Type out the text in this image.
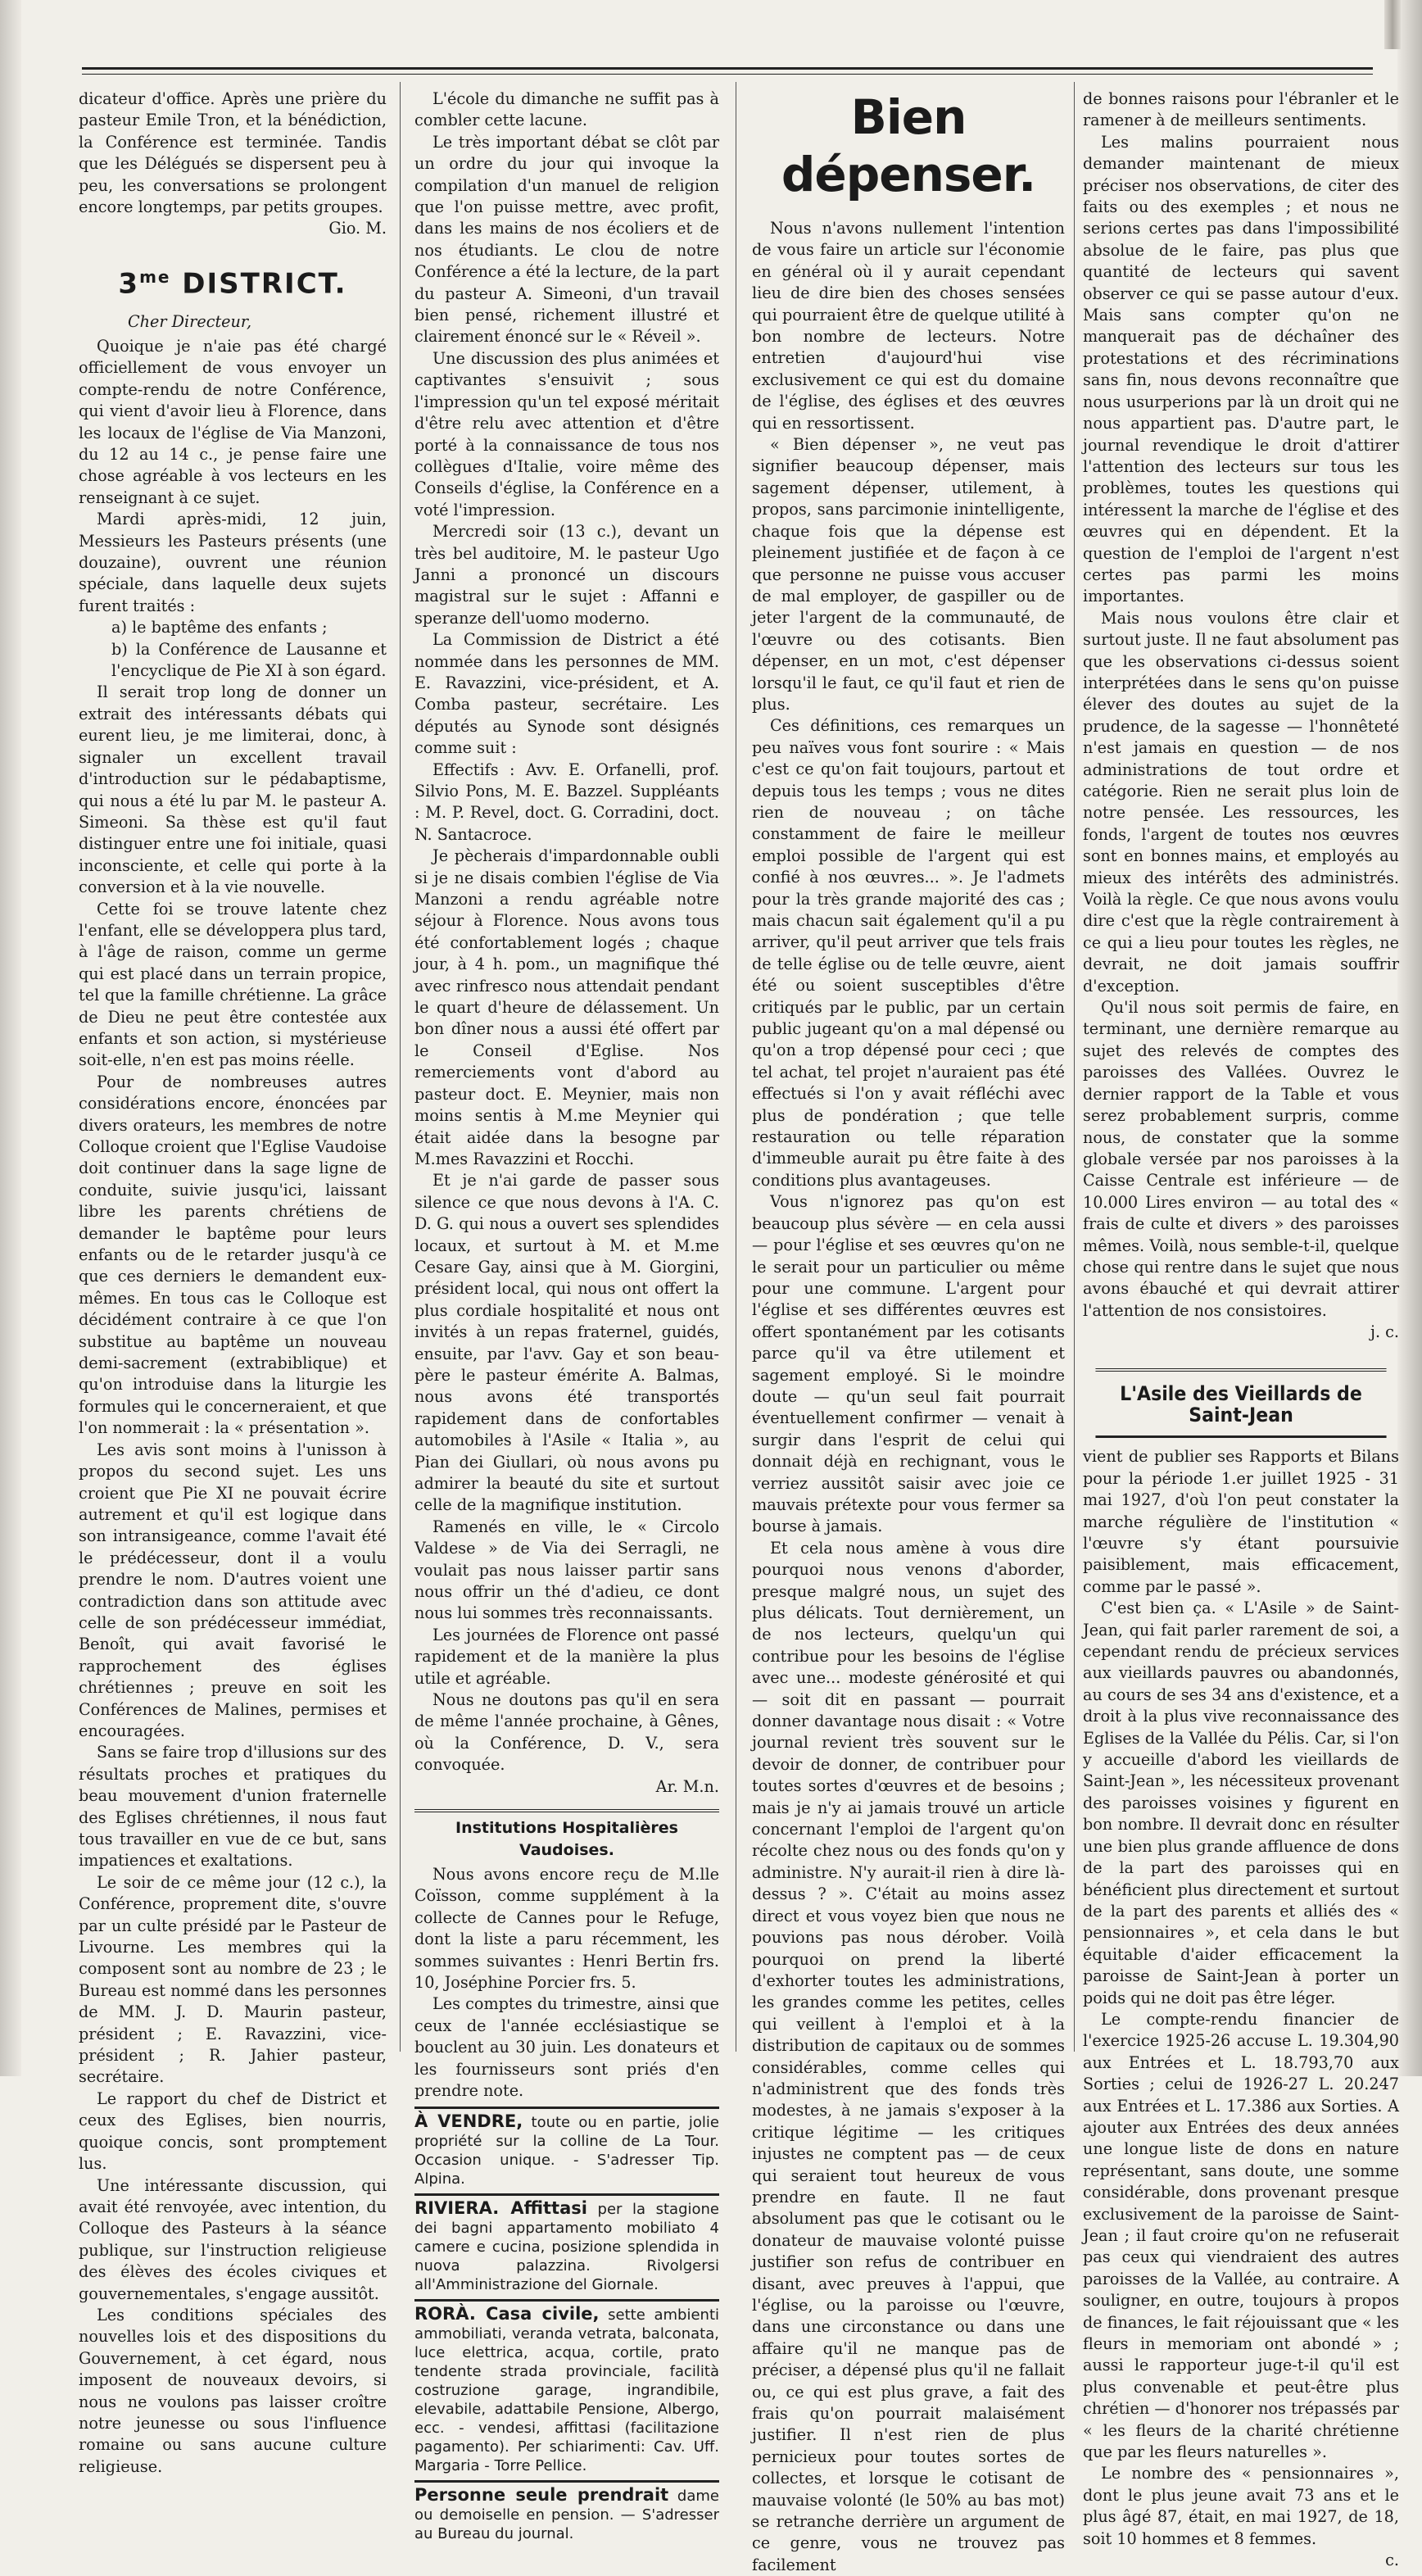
dicateur d'office. Après une prière du pasteur Emile Tron, et la bénédiction, la Conférence est terminée. Tandis que les Délégués se dispersent peu à peu, les conversations se prolongent encore longtemps, par petits groupes.

Gio. M.

$3^{me}$ DISTRICT.

Cher Directeur,

Quoique je n'aie pas été chargé officiellement de vous envoyer un compte-rendu de notre Conférence, qui vient d'avoir lieu à Florence, dans les locaux de l'église de Via Manzoni, du 12 au 14 c., je pense faire une chose agréable à vos lecteurs en les renseignant à ce sujet.

Mardi après-midi, 12 juin, Messieurs les Pasteurs présents (une douzaine), ouvrent une réunion spéciale, dans laquelle deux sujets furent traités :

a) le baptême des enfants ;

b) la Conférence de Lausanne et l'encyclique de Pie XI à son égard.

Il serait trop long de donner un extrait des intéressants débats qui eurent lieu, je me limiterai, donc, à signaler un excellent travail d'introduction sur le pédabaptisme, qui nous a été lu par M. le pasteur A. Simeoni. Sa thèse est qu'il faut distinguer entre une foi initiale, quasi inconsciente, et celle qui porte à la conversion et à la vie nouvelle.

Cette foi se trouve latente chez l'enfant, elle se développera plus tard, à l'âge de raison, comme un germe qui est placé dans un terrain propice, tel que la famille chrétienne. La grâce de Dieu ne peut être contestée aux enfants et son action, si mystérieuse soit-elle, n'en est pas moins réelle.

Pour de nombreuses autres considérations encore, énoncées par divers orateurs, les membres de notre Colloque croient que l'Eglise Vaudoise doit continuer dans la sage ligne de conduite, suivie jusqu'ici, laissant libre les parents chrétiens de demander le baptême pour leurs enfants ou de le retarder jusqu'à ce que ces derniers le demandent eux-mêmes. En tous cas le Colloque est décidément contraire à ce que l'on substitue au baptême un nouveau demi-sacrement (extrabiblique) et qu'on introduise dans la liturgie les formules qui le concerneraient, et que l'on nommerait : la « présentation ».

Les avis sont moins à l'unisson à propos du second sujet. Les uns croient que Pie XI ne pouvait écrire autrement et qu'il est logique dans son intransigeance, comme l'avait été le prédécesseur, dont il a voulu prendre le nom. D'autres voient une contradiction dans son attitude avec celle de son prédécesseur immédiat, Benoît, qui avait favorisé le rapprochement des églises chrétiennes ; preuve en soit les Conférences de Malines, permises et encouragées.

Sans se faire trop d'illusions sur des résultats proches et pratiques du beau mouvement d'union fraternelle des Eglises chrétiennes, il nous faut tous travailler en vue de ce but, sans impatiences et exaltations.

Le soir de ce même jour (12 c.), la Conférence, proprement dite, s'ouvre par un culte présidé par le Pasteur de Livourne. Les membres qui la composent sont au nombre de 23 ; le Bureau est nommé dans les personnes de MM. J. D. Maurin pasteur, président ; E. Ravazzini, vice-président ; R. Jahier pasteur, secrétaire.

Le rapport du chef de District et ceux des Eglises, bien nourris, quoique concis, sont promptement lus.

Une intéressante discussion, qui avait été renvoyée, avec intention, du Colloque des Pasteurs à la séance publique, sur l'instruction religieuse des élèves des écoles civiques et gouvernementales, s'engage aussitôt.

Les conditions spéciales des nouvelles lois et des dispositions du Gouvernement, à cet égard, nous imposent de nouveaux devoirs, si nous ne voulons pas laisser croître notre jeunesse ou sous l'influence romaine ou sans aucune culture religieuse.

L'école du dimanche ne suffit pas à combler cette lacune.

Le très important débat se clôt par un ordre du jour qui invoque la compilation d'un manuel de religion que l'on puisse mettre, avec profit, dans les mains de nos écoliers et de nos étudiants. Le clou de notre Conférence a été la lecture, de la part du pasteur A. Simeoni, d'un travail bien pensé, richement illustré et clairement énoncé sur le « Réveil ».

Une discussion des plus animées et captivantes s'ensuivit ; sous l'impression qu'un tel exposé méritait d'être relu avec attention et d'être porté à la connaissance de tous nos collègues d'Italie, voire même des Conseils d'église, la Conférence en a voté l'impression.

Mercredi soir (13 c.), devant un très bel auditoire, M. le pasteur Ugo Janni a prononcé un discours magistral sur le sujet : Affanni e speranze dell'uomo moderno.

La Commission de District a été nommée dans les personnes de MM. E. Ravazzini, vice-président, et A. Comba pasteur, secrétaire. Les députés au Synode sont désignés comme suit :

Effectifs : Avv. E. Orfanelli, prof. Silvio Pons, M. E. Bazzel. Suppléants : M. P. Revel, doct. G. Corradini, doct. N. Santacroce.

Je pècherais d'impardonnable oubli si je ne disais combien l'église de Via Manzoni a rendu agréable notre séjour à Florence. Nous avons tous été confortablement logés ; chaque jour, à 4 h. pom., un magnifique thé avec rinfresco nous attendait pendant le quart d'heure de délassement. Un bon dîner nous a aussi été offert par le Conseil d'Eglise. Nos remerciements vont d'abord au pasteur doct. E. Meynier, mais non moins sentis à M.me Meynier qui était aidée dans la besogne par M.mes Ravazzini et Rocchi.

Et je n'ai garde de passer sous silence ce que nous devons à l'A. C. D. G. qui nous a ouvert ses splendides locaux, et surtout à M. et M.me Cesare Gay, ainsi que à M. Giorgini, président local, qui nous ont offert la plus cordiale hospitalité et nous ont invités à un repas fraternel, guidés, ensuite, par l'avv. Gay et son beau-père le pasteur émérite A. Balmas, nous avons été transportés rapidement dans de confortables automobiles à l'Asile « Italia », au Pian dei Giullari, où nous avons pu admirer la beauté du site et surtout celle de la magnifique institution.

Ramenés en ville, le « Circolo Valdese » de Via dei Serragli, ne voulait pas nous laisser partir sans nous offrir un thé d'adieu, ce dont nous lui sommes très reconnaissants.

Les journées de Florence ont passé rapidement et de la manière la plus utile et agréable.

Nous ne doutons pas qu'il en sera de même l'année prochaine, à Gênes, où la Conférence, D. V., sera convoquée.

Ar. M.n.

Institutions Hospitalières Vaudoises.

Nous avons encore reçu de M.lle Coïsson, comme supplément à la collecte de Cannes pour le Refuge, dont la liste a paru récemment, les sommes suivantes : Henri Bertin frs. 10, Joséphine Porcier frs. 5.

Les comptes du trimestre, ainsi que ceux de l'année ecclésiastique se bouclent au 30 juin. Les donateurs et les fournisseurs sont priés d'en prendre note.

À VENDRE, toute ou en partie, jolie propriété sur la colline de La Tour. Occasion unique. - S'adresser Tip. Alpina.
RIVIERA. Affittasi per la stagione dei bagni appartamento mobiliato 4 camere e cucina, posizione splendida in nuova palazzina. Rivolgersi all'Amministrazione del Giornale.
RORÀ. Casa civile, sette ambienti ammobiliati, veranda vetrata, balconata, luce elettrica, acqua, cortile, prato tendente strada provinciale, facilità costruzione garage, ingrandibile, elevabile, adattabile Pensione, Albergo, ecc. - vendesi, affittasi (facilitazione pagamento). Per schiarimenti: Cav. Uff. Margaria - Torre Pellice.
Personne seule prendrait dame ou demoiselle en pension. — S'adresser au Bureau du journal.
Bien dépenser.

Nous n'avons nullement l'intention de vous faire un article sur l'économie en général où il y aurait cependant lieu de dire bien des choses sensées qui pourraient être de quelque utilité à bon nombre de lecteurs. Notre entretien d'aujourd'hui vise exclusivement ce qui est du domaine de l'église, des églises et des œuvres qui en ressortissent.

« Bien dépenser », ne veut pas signifier beaucoup dépenser, mais sagement dépenser, utilement, à propos, sans parcimonie inintelligente, chaque fois que la dépense est pleinement justifiée et de façon à ce que personne ne puisse vous accuser de mal employer, de gaspiller ou de jeter l'argent de la communauté, de l'œuvre ou des cotisants. Bien dépenser, en un mot, c'est dépenser lorsqu'il le faut, ce qu'il faut et rien de plus.

Ces définitions, ces remarques un peu naïves vous font sourire : « Mais c'est ce qu'on fait toujours, partout et depuis tous les temps ; vous ne dites rien de nouveau ; on tâche constamment de faire le meilleur emploi possible de l'argent qui est confié à nos œuvres... ». Je l'admets pour la très grande majorité des cas ; mais chacun sait également qu'il a pu arriver, qu'il peut arriver que tels frais de telle église ou de telle œuvre, aient été ou soient susceptibles d'être critiqués par le public, par un certain public jugeant qu'on a mal dépensé ou qu'on a trop dépensé pour ceci ; que tel achat, tel projet n'auraient pas été effectués si l'on y avait réfléchi avec plus de pondération ; que telle restauration ou telle réparation d'immeuble aurait pu être faite à des conditions plus avantageuses.

Vous n'ignorez pas qu'on est beaucoup plus sévère — en cela aussi — pour l'église et ses œuvres qu'on ne le serait pour un particulier ou même pour une commune. L'argent pour l'église et ses différentes œuvres est offert spontanément par les cotisants parce qu'il va être utilement et sagement employé. Si le moindre doute — qu'un seul fait pourrait éventuellement confirmer — venait à surgir dans l'esprit de celui qui donnait déjà en rechignant, vous le verriez aussitôt saisir avec joie ce mauvais prétexte pour vous fermer sa bourse à jamais.

Et cela nous amène à vous dire pourquoi nous venons d'aborder, presque malgré nous, un sujet des plus délicats. Tout dernièrement, un de nos lecteurs, quelqu'un qui contribue pour les besoins de l'église avec une... modeste générosité et qui — soit dit en passant — pourrait donner davantage nous disait : « Votre journal revient très souvent sur le devoir de donner, de contribuer pour toutes sortes d'œuvres et de besoins ; mais je n'y ai jamais trouvé un article concernant l'emploi de l'argent qu'on récolte chez nous ou des fonds qu'on y administre. N'y aurait-il rien à dire là-dessus ? ». C'était au moins assez direct et vous voyez bien que nous ne pouvions pas nous dérober. Voilà pourquoi on prend la liberté d'exhorter toutes les administrations, les grandes comme les petites, celles qui veillent à l'emploi et à la distribution de capitaux ou de sommes considérables, comme celles qui n'administrent que des fonds très modestes, à ne jamais s'exposer à la critique légitime — les critiques injustes ne comptent pas — de ceux qui seraient tout heureux de vous prendre en faute. Il ne faut absolument pas que le cotisant ou le donateur de mauvaise volonté puisse justifier son refus de contribuer en disant, avec preuves à l'appui, que l'église, ou la paroisse ou l'œuvre, dans une circonstance ou dans une affaire qu'il ne manque pas de préciser, a dépensé plus qu'il ne fallait ou, ce qui est plus grave, a fait des frais qu'on pourrait malaisément justifier. Il n'est rien de plus pernicieux pour toutes sortes de collectes, et lorsque le cotisant de mauvaise volonté (le 50% au bas mot) se retranche derrière un argument de ce genre, vous ne trouvez pas facilement

de bonnes raisons pour l'ébranler et le ramener à de meilleurs sentiments.

Les malins pourraient nous demander maintenant de mieux préciser nos observations, de citer des faits ou des exemples ; et nous ne serions certes pas dans l'impossibilité absolue de le faire, pas plus que quantité de lecteurs qui savent observer ce qui se passe autour d'eux. Mais sans compter qu'on ne manquerait pas de déchaîner des protestations et des récriminations sans fin, nous devons reconnaître que nous usurperions par là un droit qui ne nous appartient pas. D'autre part, le journal revendique le droit d'attirer l'attention des lecteurs sur tous les problèmes, toutes les questions qui intéressent la marche de l'église et des œuvres qui en dépendent. Et la question de l'emploi de l'argent n'est certes pas parmi les moins importantes.

Mais nous voulons être clair et surtout juste. Il ne faut absolument pas que les observations ci-dessus soient interprétées dans le sens qu'on puisse élever des doutes au sujet de la prudence, de la sagesse — l'honnêteté n'est jamais en question — de nos administrations de tout ordre et catégorie. Rien ne serait plus loin de notre pensée. Les ressources, les fonds, l'argent de toutes nos œuvres sont en bonnes mains, et employés au mieux des intérêts des administrés. Voilà la règle. Ce que nous avons voulu dire c'est que la règle contrairement à ce qui a lieu pour toutes les règles, ne devrait, ne doit jamais souffrir d'exception.

Qu'il nous soit permis de faire, en terminant, une dernière remarque au sujet des relevés de comptes des paroisses des Vallées. Ouvrez le dernier rapport de la Table et vous serez probablement surpris, comme nous, de constater que la somme globale versée par nos paroisses à la Caisse Centrale est inférieure — de 10.000 Lires environ — au total des « frais de culte et divers » des paroisses mêmes. Voilà, nous semble-t-il, quelque chose qui rentre dans le sujet que nous avons ébauché et qui devrait attirer l'attention de nos consistoires.

j. c.

L'Asile des Vieillards de Saint-Jean

vient de publier ses Rapports et Bilans pour la période 1.er juillet 1925 - 31 mai 1927, d'où l'on peut constater la marche régulière de l'institution « l'œuvre s'y étant poursuivie paisiblement, mais efficacement, comme par le passé ».

C'est bien ça. « L'Asile » de Saint-Jean, qui fait parler rarement de soi, a cependant rendu de précieux services aux vieillards pauvres ou abandonnés, au cours de ses 34 ans d'existence, et a droit à la plus vive reconnaissance des Eglises de la Vallée du Pélis. Car, si l'on y accueille d'abord les vieillards de Saint-Jean », les nécessiteux provenant des paroisses voisines y figurent en bon nombre. Il devrait donc en résulter une bien plus grande affluence de dons de la part des paroisses qui en bénéficient plus directement et surtout de la part des parents et alliés des « pensionnaires », et cela dans le but équitable d'aider efficacement la paroisse de Saint-Jean à porter un poids qui ne doit pas être léger.

Le compte-rendu financier de l'exercice 1925-26 accuse L. 19.304,90 aux Entrées et L. 18.793,70 aux Sorties ; celui de 1926-27 L. 20.247 aux Entrées et L. 17.386 aux Sorties. A ajouter aux Entrées des deux années une longue liste de dons en nature représentant, sans doute, une somme considérable, dons provenant presque exclusivement de la paroisse de Saint-Jean ; il faut croire qu'on ne refuserait pas ceux qui viendraient des autres paroisses de la Vallée, au contraire. A souligner, en outre, toujours à propos de finances, le fait réjouissant que « les fleurs in memoriam ont abondé » ; aussi le rapporteur juge-t-il qu'il est plus convenable et peut-être plus chrétien — d'honorer nos trépassés par « les fleurs de la charité chrétienne que par les fleurs naturelles ».

Le nombre des « pensionnaires », dont le plus jeune avait 73 ans et le plus âgé 87, était, en mai 1927, de 18, soit 10 hommes et 8 femmes.

c.
